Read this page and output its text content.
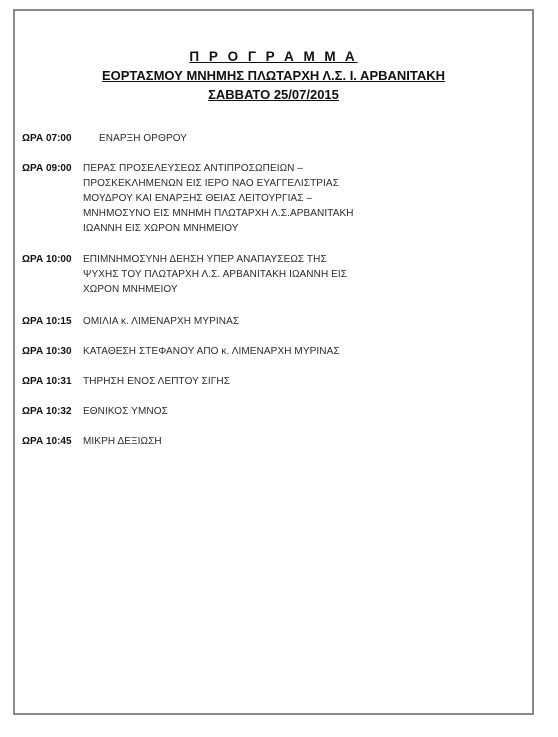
Π Ρ Ο Γ Ρ Α Μ Μ Α
ΕΟΡΤΑΣΜΟΥ ΜΝΗΜΗΣ ΠΛΩΤΑΡΧΗ Λ.Σ. Ι. ΑΡΒΑΝΙΤΑΚΗ
ΣΑΒΒΑΤΟ 25/07/2015
ΩΡΑ 07:00	ΕΝΑΡΞΗ ΟΡΘΡΟΥ
ΩΡΑ 09:00	ΠΕΡΑΣ ΠΡΟΣΕΛΕΥΣΕΩΣ ΑΝΤΙΠΡΟΣΩΠΕΙΩΝ –
ΠΡΟΣΚΕΚΛΗΜΕΝΩΝ ΕΙΣ ΙΕΡΟ ΝΑΟ ΕΥΑΓΓΕΛΙΣΤΡΙΑΣ
ΜΟΥΔΡΟΥ ΚΑΙ ΕΝΑΡΞΗΣ ΘΕΙΑΣ ΛΕΙΤΟΥΡΓΙΑΣ –
ΜΝΗΜΟΣΥΝΟ ΕΙΣ ΜΝΗΜΗ ΠΛΩΤΑΡΧΗ Λ.Σ.ΑΡΒΑΝΙΤΑΚΗ
ΙΩΑΝΝΗ ΕΙΣ ΧΩΡΟΝ ΜΝΗΜΕΙΟΥ
ΩΡΑ 10:00	ΕΠΙΜΝΗΜΟΣΥΝΗ ΔΕΗΣΗ ΥΠΕΡ ΑΝΑΠΑΥΣΕΩΣ ΤΗΣ
ΨΥΧΗΣ ΤΟΥ ΠΛΩΤΑΡΧΗ Λ.Σ. ΑΡΒΑΝΙΤΑΚΗ ΙΩΑΝΝΗ ΕΙΣ
ΧΩΡΟΝ ΜΝΗΜΕΙΟΥ
ΩΡΑ 10:15	ΟΜΙΛΙΑ κ. ΛΙΜΕΝΑΡΧΗ ΜΥΡΙΝΑΣ
ΩΡΑ 10:30	ΚΑΤΑΘΕΣΗ ΣΤΕΦΑΝΟΥ ΑΠΟ κ. ΛΙΜΕΝΑΡΧΗ ΜΥΡΙΝΑΣ
ΩΡΑ 10:31	ΤΗΡΗΣΗ ΕΝΟΣ ΛΕΠΤΟΥ ΣΙΓΗΣ
ΩΡΑ 10:32	ΕΘΝΙΚΟΣ ΥΜΝΟΣ
ΩΡΑ 10:45	ΜΙΚΡΗ ΔΕΞΙΩΣΗ
